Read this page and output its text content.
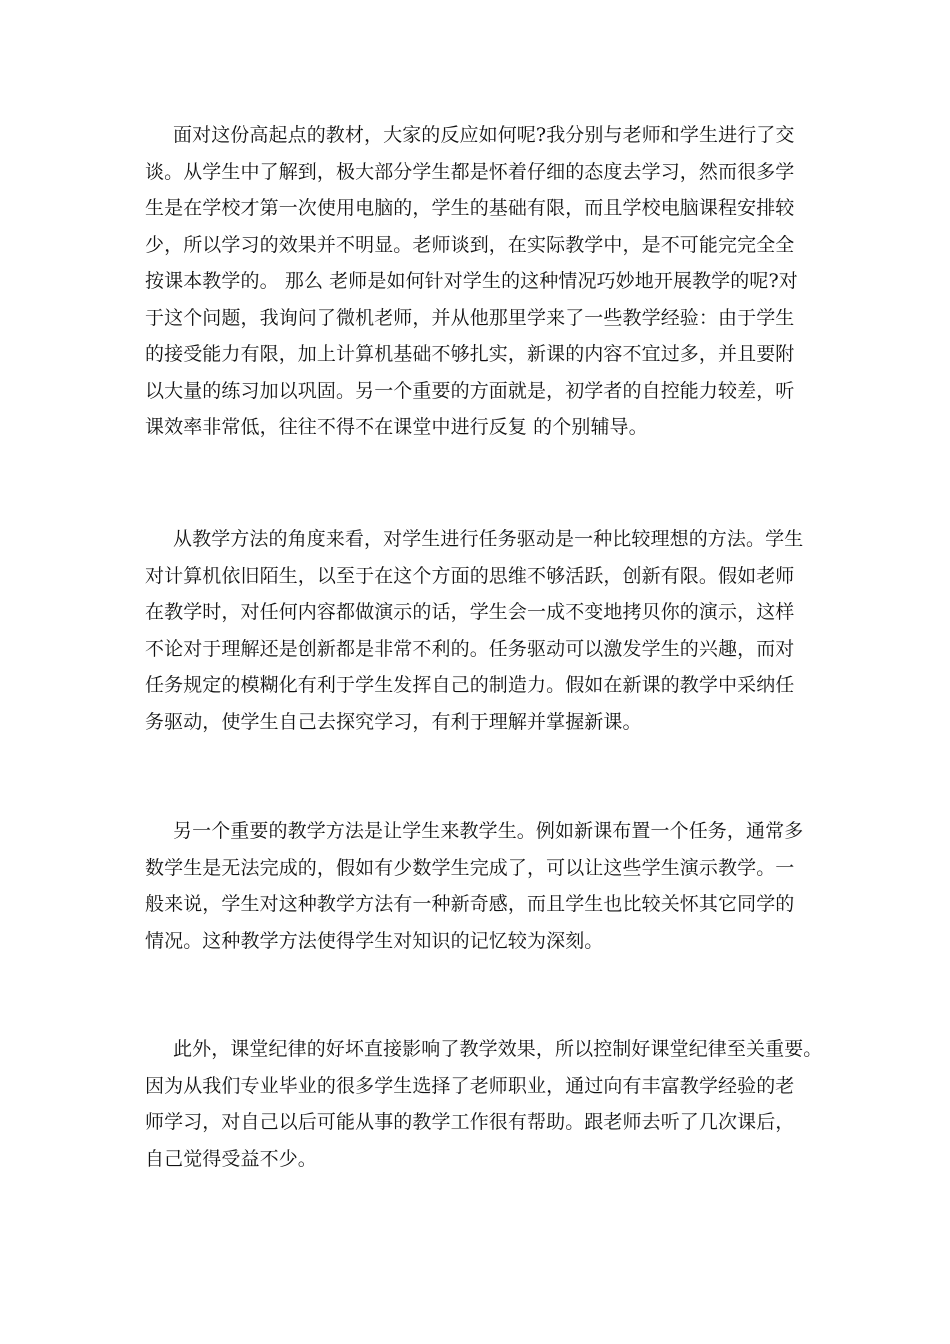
面对这份高起点的教材，大家的反应如何呢?我分别与老师和学生进行了交
谈。从学生中了解到，极大部分学生都是怀着仔细的态度去学习，然而很多学
生是在学校才第一次使用电脑的，学生的基础有限，而且学校电脑课程安排较
少，所以学习的效果并不明显。老师谈到，在实际教学中，是不可能完完全全
按课本教学的。 那么 老师是如何针对学生的这种情况巧妙地开展教学的呢?对
于这个问题，我询问了微机老师，并从他那里学来了一些教学经验：由于学生
的接受能力有限，加上计算机基础不够扎实，新课的内容不宜过多，并且要附
以大量的练习加以巩固。另一个重要的方面就是，初学者的自控能力较差，听
课效率非常低，往往不得不在课堂中进行反复 的个别辅导。
从教学方法的角度来看，对学生进行任务驱动是一种比较理想的方法。学生
对计算机依旧陌生，以至于在这个方面的思维不够活跃，创新有限。假如老师
在教学时，对任何内容都做演示的话，学生会一成不变地拷贝你的演示，这样
不论对于理解还是创新都是非常不利的。任务驱动可以激发学生的兴趣，而对
任务规定的模糊化有利于学生发挥自己的制造力。假如在新课的教学中采纳任
务驱动，使学生自己去探究学习，有利于理解并掌握新课。
另一个重要的教学方法是让学生来教学生。例如新课布置一个任务，通常多
数学生是无法完成的，假如有少数学生完成了，可以让这些学生演示教学。一
般来说，学生对这种教学方法有一种新奇感，而且学生也比较关怀其它同学的
情况。这种教学方法使得学生对知识的记忆较为深刻。
此外，课堂纪律的好坏直接影响了教学效果，所以控制好课堂纪律至关重要。
因为从我们专业毕业的很多学生选择了老师职业，通过向有丰富教学经验的老
师学习，对自己以后可能从事的教学工作很有帮助。跟老师去听了几次课后，
自己觉得受益不少。
